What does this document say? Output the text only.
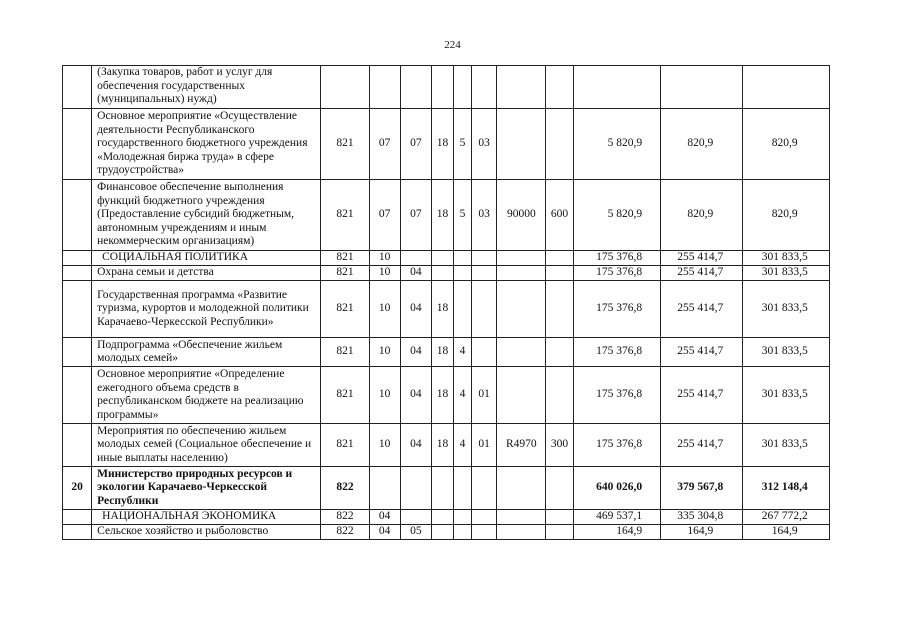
224
	(Закупка товаров, работ и услуг для обеспечения государственных (муниципальных) нужд)											
	Основное мероприятие «Осуществление деятельности Республиканского государственного бюджетного учреждения «Молодежная биржа труда» в сфере трудоустройства»	821	07	07	18	5	03			5 820,9	820,9	820,9
	Финансовое обеспечение выполнения функций бюджетного учреждения (Предоставление субсидий бюджетным, автономным учреждениям и иным некоммерческим организациям)	821	07	07	18	5	03	90000	600	5 820,9	820,9	820,9
	СОЦИАЛЬНАЯ ПОЛИТИКА	821	10							175 376,8	255 414,7	301 833,5
	Охрана семьи и детства	821	10	04						175 376,8	255 414,7	301 833,5
	Государственная программа «Развитие туризма, курортов и молодежной политики Карачаево-Черкесской Республики»	821	10	04	18					175 376,8	255 414,7	301 833,5
	Подпрограмма «Обеспечение жильем молодых семей»	821	10	04	18	4				175 376,8	255 414,7	301 833,5
	Основное мероприятие «Определение ежегодного объема средств в республиканском бюджете на реализацию программы»	821	10	04	18	4	01			175 376,8	255 414,7	301 833,5
	Мероприятия по обеспечению жильем молодых семей (Социальное обеспечение и иные выплаты населению)	821	10	04	18	4	01	R4970	300	175 376,8	255 414,7	301 833,5
20	Министерство природных ресурсов и экологии Карачаево-Черкесской Республики	822								640 026,0	379 567,8	312 148,4
	НАЦИОНАЛЬНАЯ ЭКОНОМИКА	822	04							469 537,1	335 304,8	267 772,2
	Сельское хозяйство и рыболовство	822	04	05						164,9	164,9	164,9
